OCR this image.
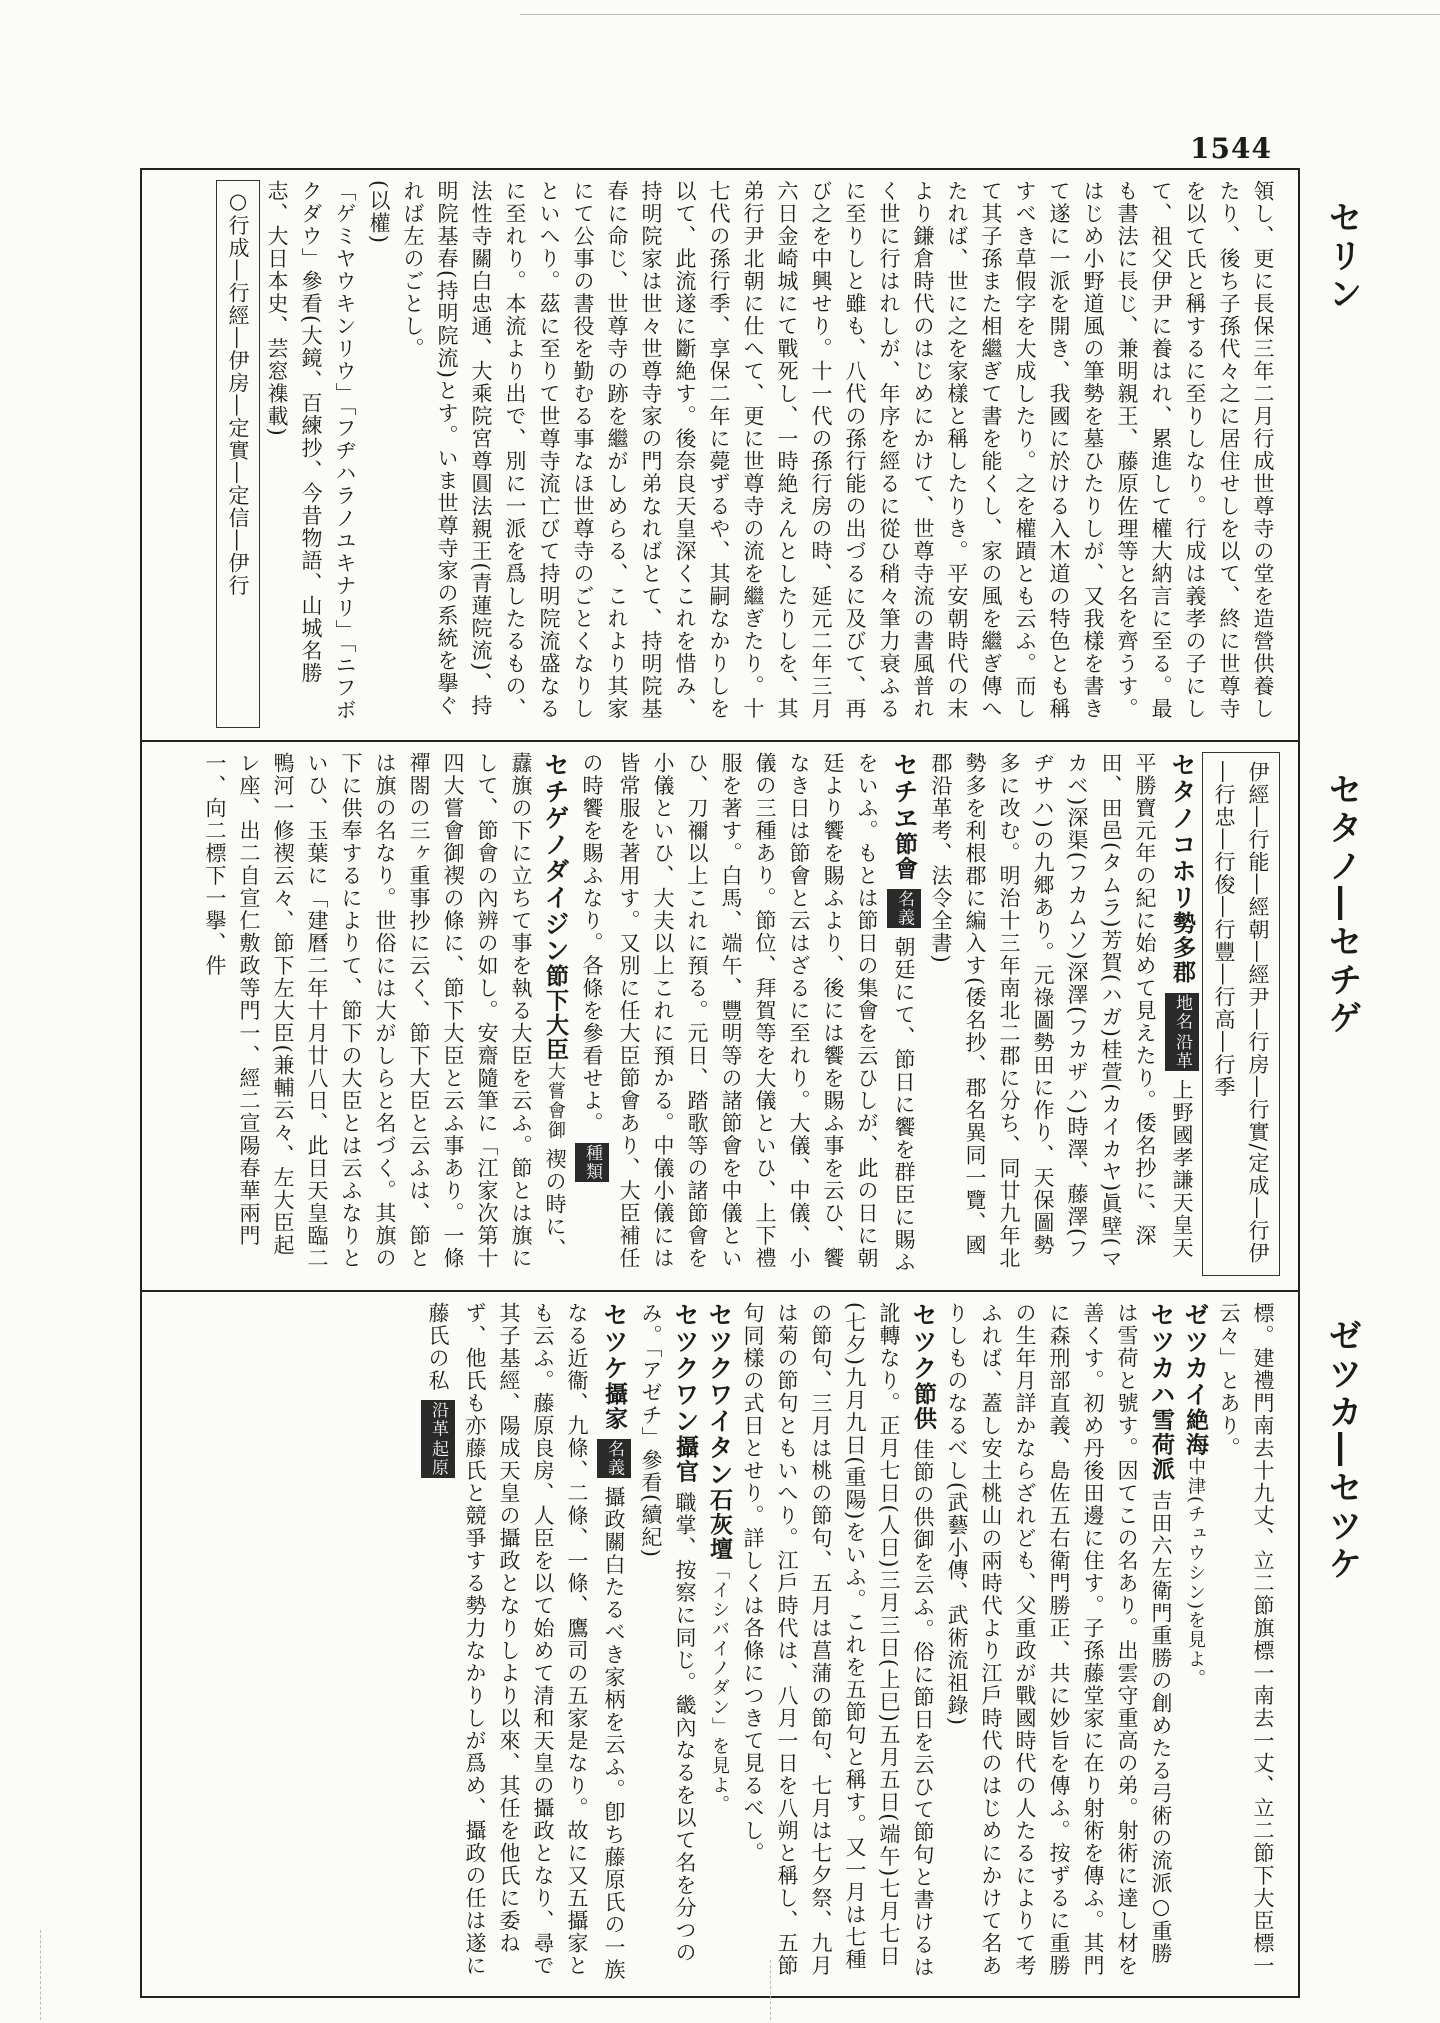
1544
セリン
セタノ―セチゲ
ゼツカ―セツケ
領し、更に長保三年二月行成世尊寺の堂を造營供養したり、後ち子孫代々之に居住せしを以て、終に世尊寺を以て氏と稱するに至りしなり。行成は義孝の子にして、祖父伊尹に養はれ、累進して權大納言に至る。最も書法に長じ、兼明親王、藤原佐理等と名を齊うす。はじめ小野道風の筆勢を墓ひたりしが、又我樣を書きて遂に一派を開き、我國に於ける入木道の特色とも稱すべき草假字を大成したり。之を權蹟とも云ふ。而して其子孫また相繼ぎて書を能くし、家の風を繼ぎ傳へたれば、世に之を家樣と稱したりき。平安朝時代の末より鎌倉時代のはじめにかけて、世尊寺流の書風普れく世に行はれしが、年序を經るに從ひ稍々筆力衰ふるに至りしと雖も、八代の孫行能の出づるに及びて、再び之を中興せり。十一代の孫行房の時、延元二年三月六日金崎城にて戰死し、一時絶えんとしたりしを、其弟行尹北朝に仕へて、更に世尊寺の流を繼ぎたり。十七代の孫行季、享保二年に薨ずるや、其嗣なかりしを以て、此流遂に斷絶す。後奈良天皇深くこれを惜み、持明院家は世々世尊寺家の門弟なればとて、持明院基春に命じ、世尊寺の跡を繼がしめらる、これより其家にて公事の書役を勤むる事なほ世尊寺のごとくなりしといへり。茲に至りて世尊寺流亡びて持明院流盛なるに至れり。本流より出で、別に一派を爲したるもの、法性寺關白忠通、大乘院宮尊圓法親王(青蓮院流)、持明院基春(持明院流)とす。いま世尊寺家の系統を擧ぐれば左のごとし。
(以權)
「ゲミヤウキンリウ」「フヂハラノユキナリ」「ニフボクダウ」參看(大鏡、百練抄、今昔物語、山城名勝志、大日本史、芸窓襍載)
○行成―行經―伊房―定實―定信―伊行
伊經―行能―經朝―經尹―行房―行實/定成―行伊―行忠―行俊―行豐―行高―行季
セタノコホリ勢多郡 地名沿革 上野國孝謙天皇天平勝寶元年の紀に始めて見えたり。倭名抄に、深田、田邑(タムラ)芳賀(ハガ)桂萱(カイカヤ)眞壁(マカベ)深渠(フカムソ)深澤(フカザハ)時澤、藤澤(フヂサハ)の九郷あり。元祿圖勢田に作り、天保圖勢多に改む。明治十三年南北二郡に分ち、同廿九年北勢多を利根郡に編入す(倭名抄、郡名異同一覽、國郡沿革考、法令全書)
セチヱ節會 名義 朝廷にて、節日に饗を群臣に賜ふをいふ。もとは節日の集會を云ひしが、此の日に朝廷より饗を賜ふより、後には饗を賜ふ事を云ひ、饗なき日は節會と云はざるに至れり。大儀、中儀、小儀の三種あり。節位、拜賀等を大儀といひ、上下禮服を著す。白馬、端午、豐明等の諸節會を中儀といひ、刀禰以上これに預る。元日、踏歌等の諸節會を小儀といひ、大夫以上これに預かる。中儀小儀には皆常服を著用す。又別に任大臣節會あり、大臣補任の時饗を賜ふなり。各條を參看せよ。 種類
セチゲノダイジン節下大臣大嘗會御 禊の時に、纛旗の下に立ちて事を執る大臣を云ふ。節とは旗にして、節會の內辨の如し。安齋隨筆に「江家次第十四大嘗會御禊の條に、節下大臣と云ふ事あり。一條禪閤の三ヶ重事抄に云く、節下大臣と云ふは、節とは旗の名なり。世俗には大がしらと名づく。其旗の下に供奉するによりて、節下の大臣とは云ふなりといひ、玉葉に「建曆二年十月廿八日、此日天皇臨二鴨河一修禊云々、節下左大臣(兼輔云々、左大臣起レ座、出二自宣仁敷政等門一、經二宣陽春華兩門一、向二標下一擧、件
標。建禮門南去十九丈、立二節旗標一南去一丈、立二節下大臣標一云々」とあり。
ゼツカイ絶海中津(チュウシン)を見よ。
セツカハ雪荷派 吉田六左衛門重勝の創めたる弓術の流派○重勝は雪荷と號す。因てこの名あり。出雲守重高の弟。射術に達し材を善くす。初め丹後田邊に住す。子孫藤堂家に在り射術を傳ふ。其門に森刑部直義、島佐五右衛門勝正、共に妙旨を傳ふ。按ずるに重勝の生年月詳かならざれども、父重政が戰國時代の人たるによりて考ふれば、蓋し安土桃山の兩時代より江戶時代のはじめにかけて名ありしものなるべし(武藝小傳、武術流祖錄)
セツク節供 佳節の供御を云ふ。俗に節日を云ひて節句と書けるは訛轉なり。正月七日(人日)三月三日(上巳)五月五日(端午)七月七日(七夕)九月九日(重陽)をいふ。これを五節句と稱す。又一月は七種の節句、三月は桃の節句、五月は菖蒲の節句、七月は七夕祭、九月は菊の節句ともいへり。江戶時代は、八月一日を八朔と稱し、五節句同樣の式日とせり。詳しくは各條につきて見るべし。
セツクワイタン石灰壇「イシバイノダン」を見よ。
セツクワン攝官 職掌、按察に同じ。畿內なるを以て名を分つのみ。「アゼチ」參看(續紀)
セツケ攝家 名義 攝政關白たるべき家柄を云ふ。卽ち藤原氏の一族なる近衞、九條、二條、一條、鷹司の五家是なり。故に又五攝家とも云ふ。藤原良房、人臣を以て始めて清和天皇の攝政となり、尋で其子基經、陽成天皇の攝政となりしより以來、其任を他氏に委ねず、他氏も亦藤氏と競爭する勢力なかりしが爲め、攝政の任は遂に藤氏の私 沿革起原
